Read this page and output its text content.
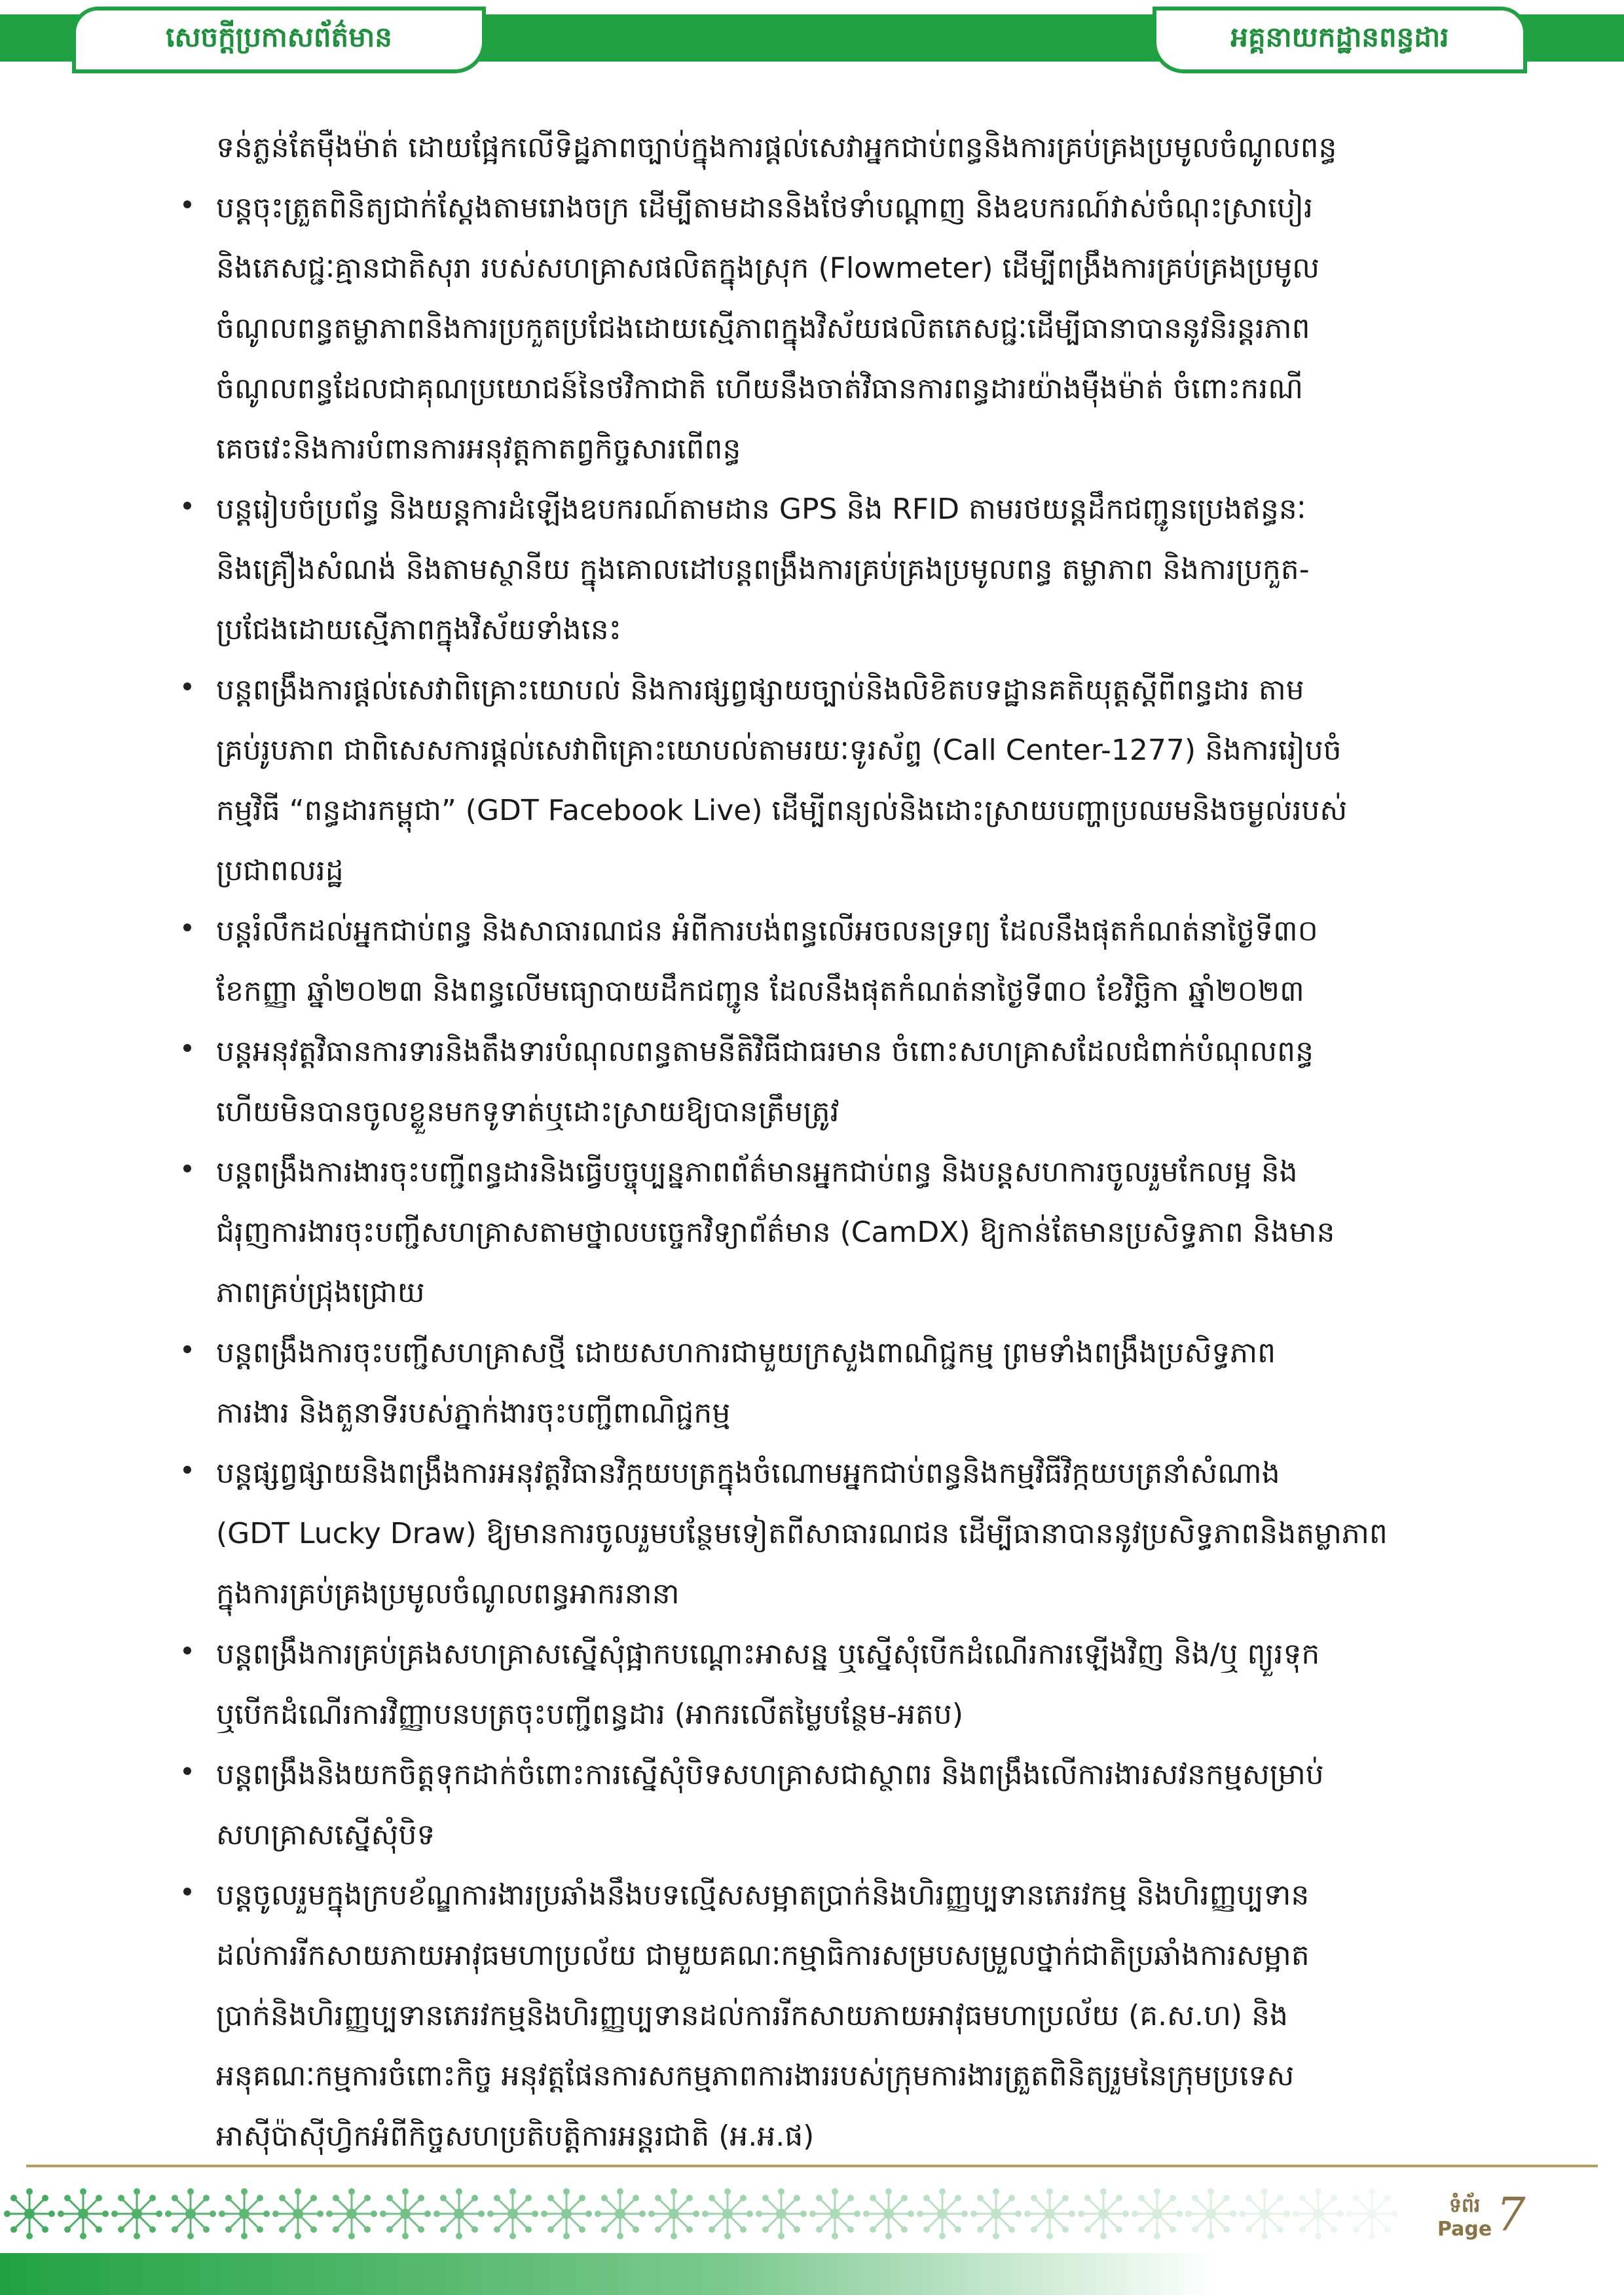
សេចក្តីប្រកាសព័ត៌មាន	អគ្គនាយកដ្ឋានពន្ធដារ
ទន់ភ្លន់តែម៉ឺងម៉ាត់ ដោយផ្អែកលើទិដ្ឋភាពច្បាប់ក្នុងការផ្តល់សេវាអ្នកជាប់ពន្ធនិងការគ្រប់គ្រងប្រមូលចំណូលពន្ធ
បន្តចុះត្រួតពិនិត្យជាក់ស្តែងតាមរោងចក្រ ដើម្បីតាមដាននិងថែទាំបណ្តាញ និងឧបករណ៍វាស់ចំណុះស្រាបៀរ
និងភេសជ្ជៈគ្មានជាតិសុរា របស់សហគ្រាសផលិតក្នុងស្រុក (Flowmeter) ដើម្បីពង្រឹងការគ្រប់គ្រងប្រមូល
ចំណូលពន្ធតម្លាភាពនិងការប្រកួតប្រជែងដោយស្មើភាពក្នុងវិស័យផលិតភេសជ្ជៈដើម្បីធានាបាននូវនិរន្តរភាព
ចំណូលពន្ធដែលជាគុណប្រយោជន៍នៃថវិកាជាតិ ហើយនឹងចាត់វិធានការពន្ធដារយ៉ាងម៉ឺងម៉ាត់ ចំពោះករណី
គេចវេះនិងការបំពានការអនុវត្តកាតព្វកិច្ចសារពើពន្ធ
បន្តរៀបចំប្រព័ន្ធ និងយន្តការដំឡើងឧបករណ៍តាមដាន GPS និង RFID តាមរថយន្តដឹកជញ្ជូនប្រេងឥន្ធនៈ
និងគ្រឿងសំណង់ និងតាមស្ថានីយ ក្នុងគោលដៅបន្តពង្រឹងការគ្រប់គ្រងប្រមូលពន្ធ តម្លាភាព និងការប្រកួត-
ប្រជែងដោយស្មើភាពក្នុងវិស័យទាំងនេះ
បន្តពង្រឹងការផ្តល់សេវាពិគ្រោះយោបល់ និងការផ្សព្វផ្សាយច្បាប់និងលិខិតបទដ្ឋានគតិយុត្តស្តីពីពន្ធដារ តាម
គ្រប់រូបភាព ជាពិសេសការផ្តល់សេវាពិគ្រោះយោបល់តាមរយៈទូរស័ព្ទ (Call Center-1277) និងការរៀបចំ
កម្មវិធី “ពន្ធដារកម្ពុជា” (GDT Facebook Live) ដើម្បីពន្យល់និងដោះស្រាយបញ្ហាប្រឈមនិងចម្ងល់របស់
ប្រជាពលរដ្ឋ
បន្តរំលឹកដល់អ្នកជាប់ពន្ធ និងសាធារណជន អំពីការបង់ពន្ធលើអចលនទ្រព្យ ដែលនឹងផុតកំណត់នាថ្ងៃទី៣០
ខែកញ្ញា ឆ្នាំ២០២៣ និងពន្ធលើមធ្យោបាយដឹកជញ្ជូន ដែលនឹងផុតកំណត់នាថ្ងៃទី៣០ ខែវិច្ឆិកា ឆ្នាំ២០២៣
បន្តអនុវត្តវិធានការទារនិងតឹងទារបំណុលពន្ធតាមនីតិវិធីជាធរមាន ចំពោះសហគ្រាសដែលជំពាក់បំណុលពន្ធ
ហើយមិនបានចូលខ្លួនមកទូទាត់ឬដោះស្រាយឱ្យបានត្រឹមត្រូវ
បន្តពង្រឹងការងារចុះបញ្ជីពន្ធដារនិងធ្វើបច្ចុប្បន្នភាពព័ត៌មានអ្នកជាប់ពន្ធ និងបន្តសហការចូលរួមកែលម្អ និង
ជំរុញការងារចុះបញ្ជីសហគ្រាសតាមថ្នាលបច្ចេកវិទ្យាព័ត៌មាន (CamDX) ឱ្យកាន់តែមានប្រសិទ្ធភាព និងមាន
ភាពគ្រប់ជ្រុងជ្រោយ
បន្តពង្រឹងការចុះបញ្ជីសហគ្រាសថ្មី ដោយសហការជាមួយក្រសួងពាណិជ្ជកម្ម ព្រមទាំងពង្រឹងប្រសិទ្ធភាព
ការងារ និងតួនាទីរបស់ភ្នាក់ងារចុះបញ្ជីពាណិជ្ជកម្ម
បន្តផ្សព្វផ្សាយនិងពង្រឹងការអនុវត្តវិធានវិក្កយបត្រក្នុងចំណោមអ្នកជាប់ពន្ធនិងកម្មវិធីវិក្កយបត្រនាំសំណាង
(GDT Lucky Draw) ឱ្យមានការចូលរួមបន្ថែមទៀតពីសាធារណជន ដើម្បីធានាបាននូវប្រសិទ្ធភាពនិងតម្លាភាព
ក្នុងការគ្រប់គ្រងប្រមូលចំណូលពន្ធអាករនានា
បន្តពង្រឹងការគ្រប់គ្រងសហគ្រាសស្នើសុំផ្អាកបណ្តោះអាសន្ន ឬស្នើសុំបើកដំណើរការឡើងវិញ និង/ឬ ព្យួរទុក
ឬបើកដំណើរការវិញ្ញាបនបត្រចុះបញ្ជីពន្ធដារ (អាករលើតម្លៃបន្ថែម-អតប)
បន្តពង្រឹងនិងយកចិត្តទុកដាក់ចំពោះការស្នើសុំបិទសហគ្រាសជាស្ថាពរ និងពង្រឹងលើការងារសវនកម្មសម្រាប់
សហគ្រាសស្នើសុំបិទ
បន្តចូលរួមក្នុងក្របខ័ណ្ឌការងារប្រឆាំងនឹងបទល្មើសសម្អាតប្រាក់និងហិរញ្ញប្បទានភេរវកម្ម និងហិរញ្ញប្បទាន
ដល់ការរីកសាយភាយអាវុធមហាប្រល័យ ជាមួយគណៈកម្មាធិការសម្របសម្រួលថ្នាក់ជាតិប្រឆាំងការសម្អាត
ប្រាក់និងហិរញ្ញប្បទានភេរវកម្មនិងហិរញ្ញប្បទានដល់ការរីកសាយភាយអាវុធមហាប្រល័យ (គ.ស.ហ) និង
អនុគណៈកម្មការចំពោះកិច្ច អនុវត្តផែនការសកម្មភាពការងាររបស់ក្រុមការងារត្រួតពិនិត្យរួមនៃក្រុមប្រទេស
អាស៊ីប៉ាស៊ីហ្វិកអំពីកិច្ចសហប្រតិបត្តិការអន្តរជាតិ (អ.អ.ផ)
ទំព័រ
Page 7
